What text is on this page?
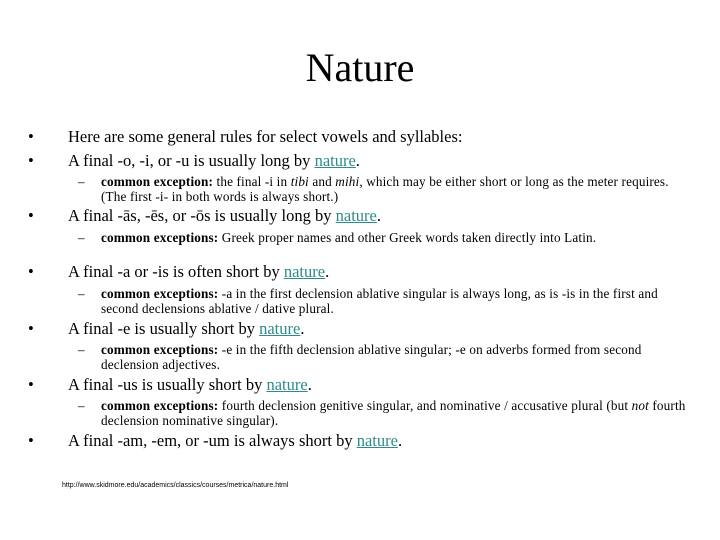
Nature
• Here are some general rules for select vowels and syllables:
• A final -o, -i, or -u is usually long by nature.
– common exception: the final -i in tibi and mihi, which may be either short or long as the meter requires. (The first -i- in both words is always short.)
• A final -ās, -ēs, or -ōs is usually long by nature.
– common exceptions: Greek proper names and other Greek words taken directly into Latin.
• A final -a or -is is often short by nature.
– common exceptions: -a in the first declension ablative singular is always long, as is -is in the first and second declensions ablative / dative plural.
• A final -e is usually short by nature.
– common exceptions: -e in the fifth declension ablative singular; -e on adverbs formed from second declension adjectives.
• A final -us is usually short by nature.
– common exceptions: fourth declension genitive singular, and nominative / accusative plural (but not fourth declension nominative singular).
• A final -am, -em, or -um is always short by nature.
http://www.skidmore.edu/academics/classics/courses/metrica/nature.html
